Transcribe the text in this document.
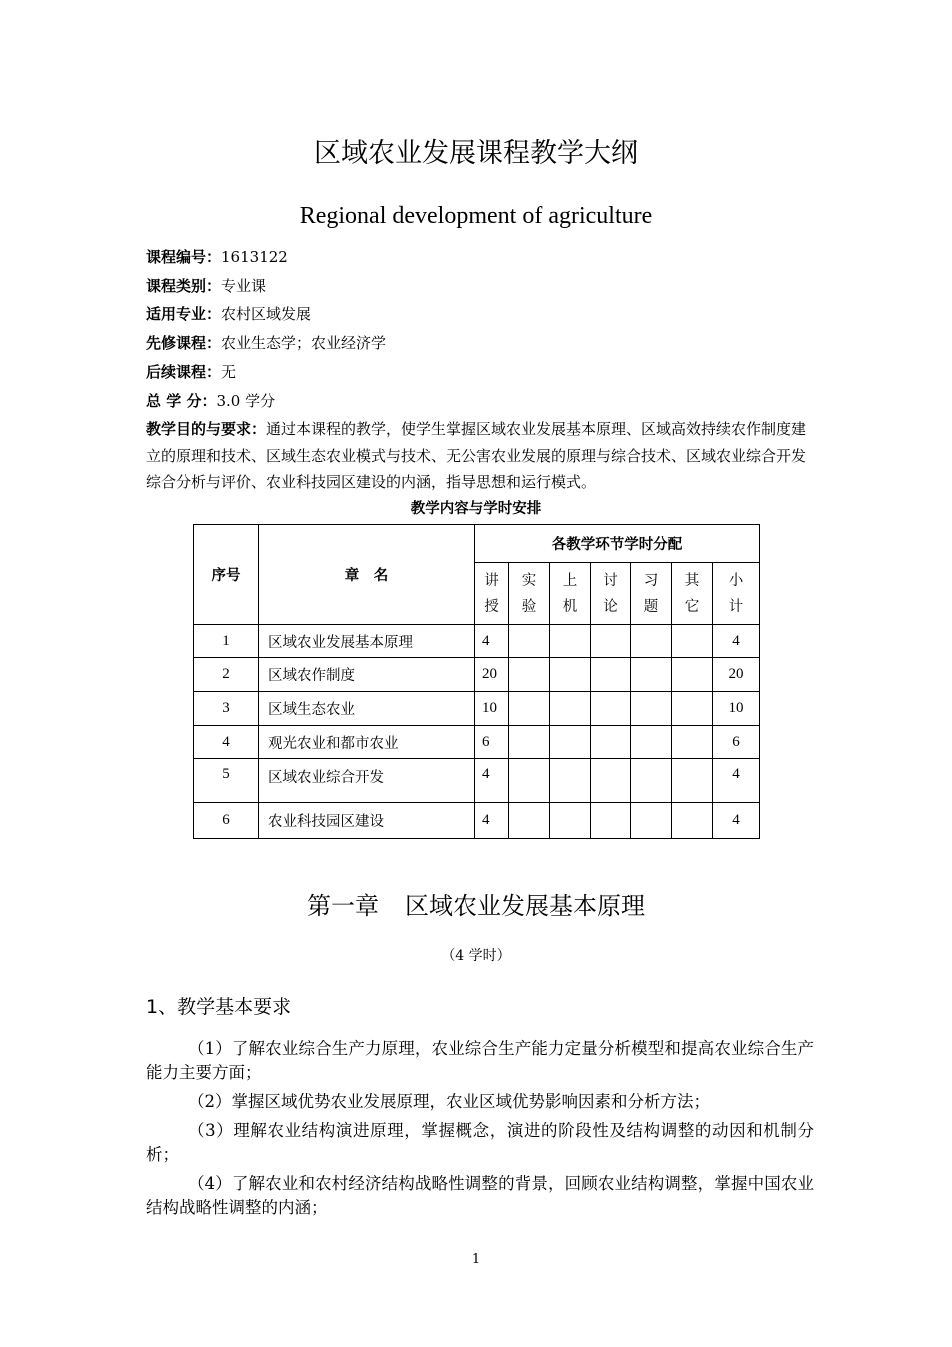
区域农业发展课程教学大纲
Regional development of agriculture
课程编号：1613122
课程类别：专业课
适用专业：农村区域发展
先修课程：农业生态学；农业经济学
后续课程：无
总 学 分：3.0 学分
教学目的与要求：通过本课程的教学，使学生掌握区域农业发展基本原理、区域高效持续农作制度建立的原理和技术、区域生态农业模式与技术、无公害农业发展的原理与综合技术、区域农业综合开发综合分析与评价、农业科技园区建设的内涵，指导思想和运行模式。
教学内容与学时安排
序号	章　名	各教学环节学时分配						
		讲授	实验	上机	讨论	习题	其它	小计
1	区域农业发展基本原理	4						4
2	区域农作制度	20						20
3	区域生态农业	10						10
4	观光农业和都市农业	6						6
5	区域农业综合开发	4						4
6	农业科技园区建设	4						4
第一章 区域农业发展基本原理
（4 学时）
1、教学基本要求
（1）了解农业综合生产力原理，农业综合生产能力定量分析模型和提高农业综合生产能力主要方面；
（2）掌握区域优势农业发展原理，农业区域优势影响因素和分析方法；
（3）理解农业结构演进原理，掌握概念，演进的阶段性及结构调整的动因和机制分析；
（4）了解农业和农村经济结构战略性调整的背景，回顾农业结构调整，掌握中国农业结构战略性调整的内涵；
1
